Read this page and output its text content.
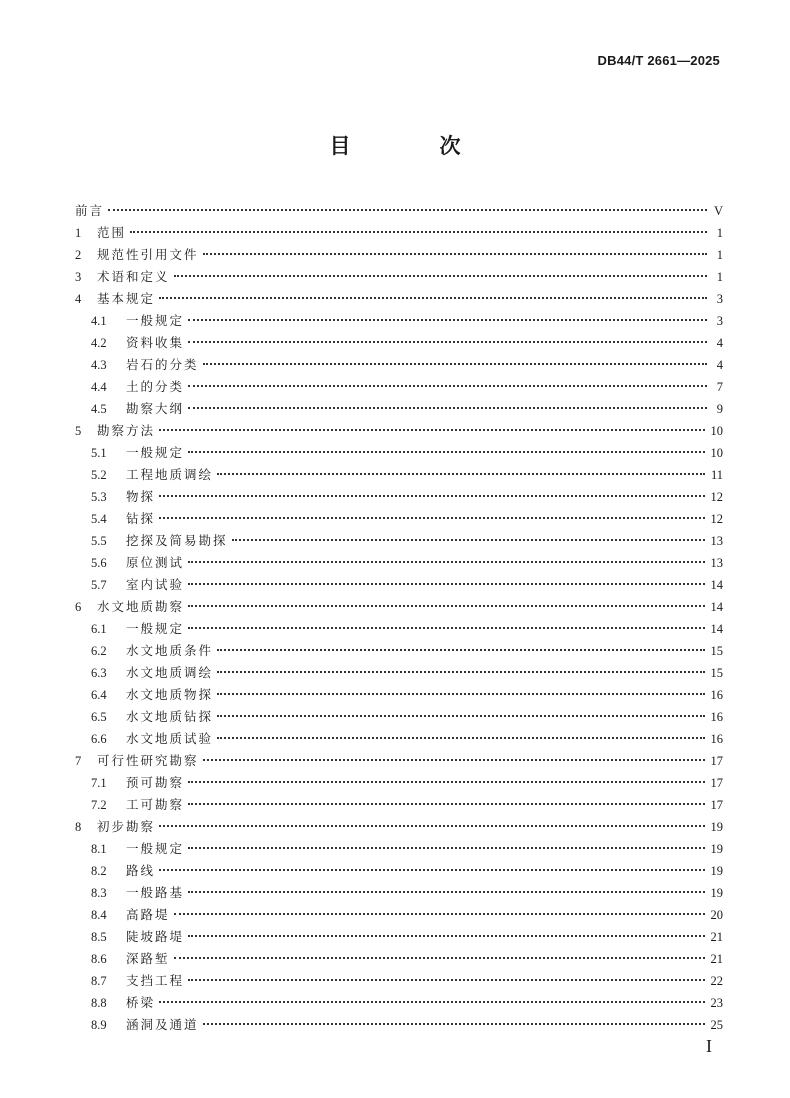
DB44/T 2661—2025
目　次
前言	V
1	范围	1
2	规范性引用文件	1
3	术语和定义	1
4	基本规定	3
4.1	一般规定	3
4.2	资料收集	4
4.3	岩石的分类	4
4.4	土的分类	7
4.5	勘察大纲	9
5	勘察方法	10
5.1	一般规定	10
5.2	工程地质调绘	11
5.3	物探	12
5.4	钻探	12
5.5	挖探及简易勘探	13
5.6	原位测试	13
5.7	室内试验	14
6	水文地质勘察	14
6.1	一般规定	14
6.2	水文地质条件	15
6.3	水文地质调绘	15
6.4	水文地质物探	16
6.5	水文地质钻探	16
6.6	水文地质试验	16
7	可行性研究勘察	17
7.1	预可勘察	17
7.2	工可勘察	17
8	初步勘察	19
8.1	一般规定	19
8.2	路线	19
8.3	一般路基	19
8.4	高路堤	20
8.5	陡坡路堤	21
8.6	深路堑	21
8.7	支挡工程	22
8.8	桥梁	23
8.9	涵洞及通道	25
I
